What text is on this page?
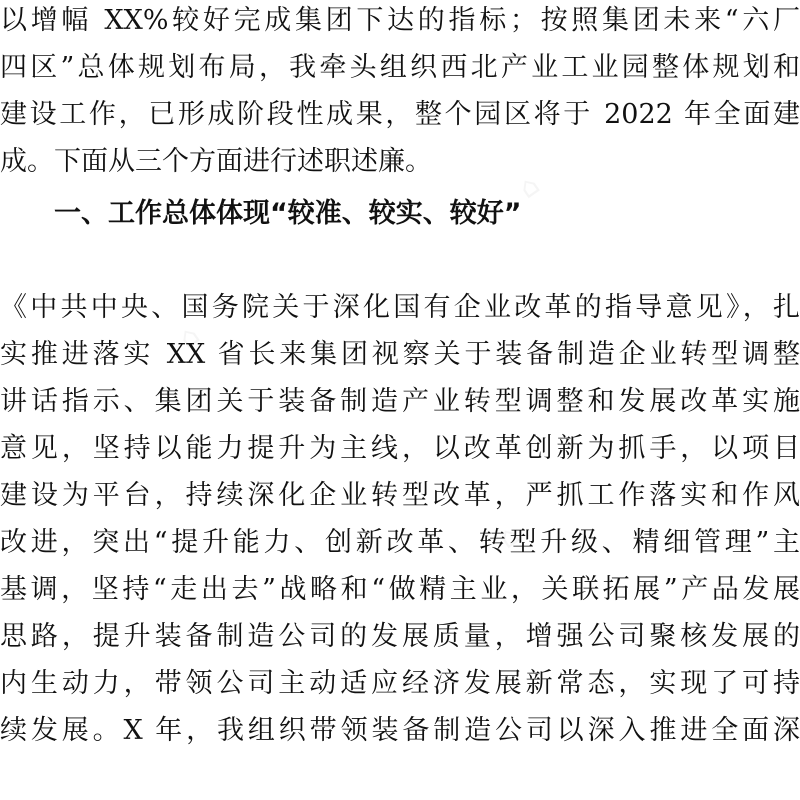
以增幅 XX%较好完成集团下达的指标；按照集团未来“六厂
四区”总体规划布局，我牵头组织西北产业工业园整体规划和
建设工作，已形成阶段性成果，整个园区将于 2022 年全面建
成。下面从三个方面进行述职述廉。
一、工作总体体现“较准、较实、较好”

《中共中央、国务院关于深化国有企业改革的指导意见》，扎
实推进落实 XX 省长来集团视察关于装备制造企业转型调整
讲话指示、集团关于装备制造产业转型调整和发展改革实施
意见，坚持以能力提升为主线，以改革创新为抓手，以项目
建设为平台，持续深化企业转型改革，严抓工作落实和作风
改进，突出“提升能力、创新改革、转型升级、精细管理”主
基调，坚持“走出去”战略和“做精主业，关联拓展”产品发展
思路，提升装备制造公司的发展质量，增强公司聚核发展的
内生动力，带领公司主动适应经济发展新常态，实现了可持
续发展。X 年，我组织带领装备制造公司以深入推进全面深
